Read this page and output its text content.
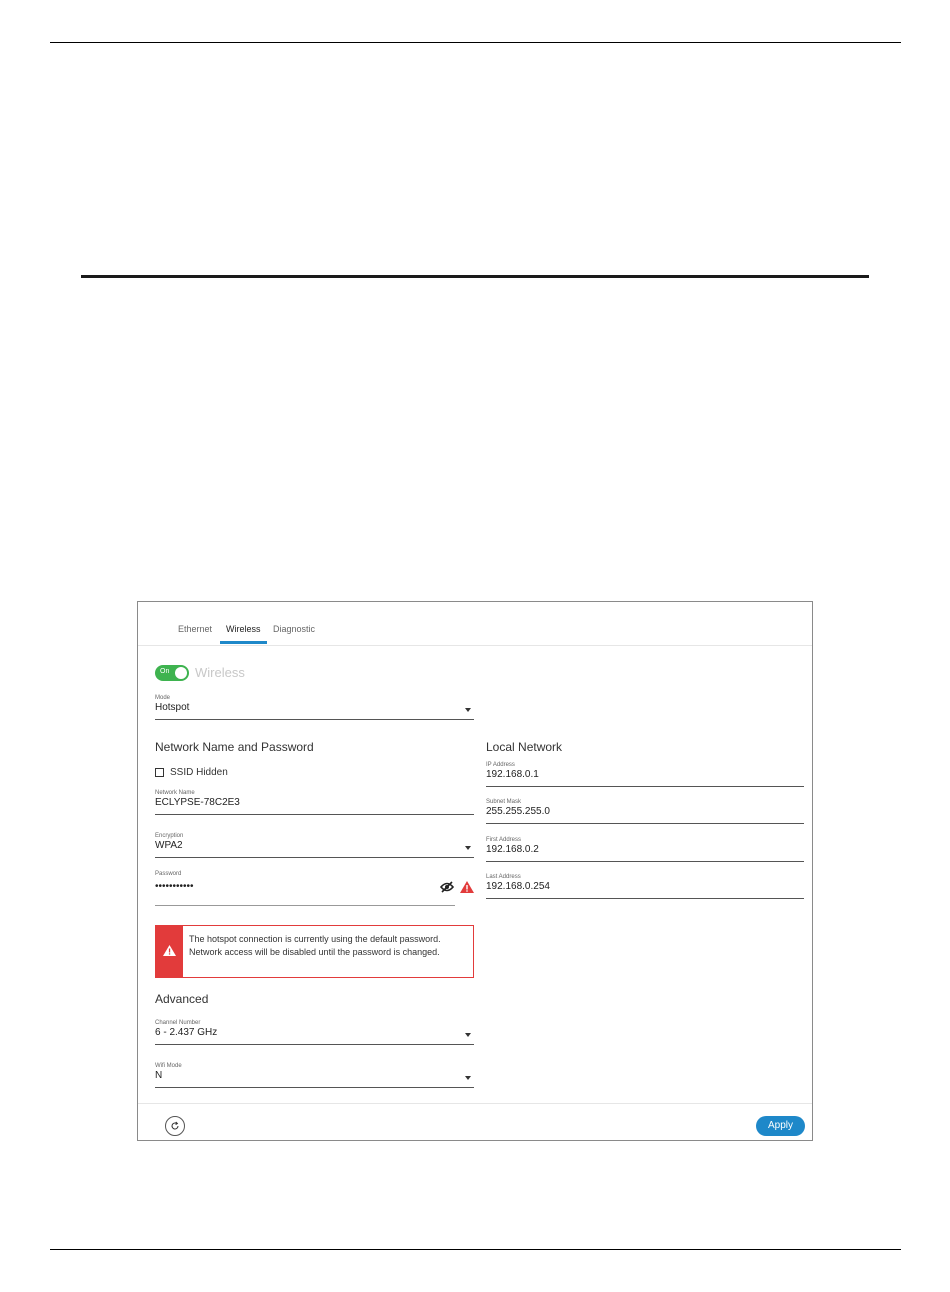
Ethernet Wireless Diagnostic
On Wireless
Mode
Hotspot
Network Name and Password
SSID Hidden
Network Name
ECLYPSE-78C2E3
Encryption
WPA2
Password
•••••••••••
The hotspot connection is currently using the default password. Network access will be disabled until the password is changed.
Advanced
Channel Number
6 - 2.437 GHz
Wifi Mode
N
Local Network
IP Address
192.168.0.1
Subnet Mask
255.255.255.0
First Address
192.168.0.2
Last Address
192.168.0.254
Apply
